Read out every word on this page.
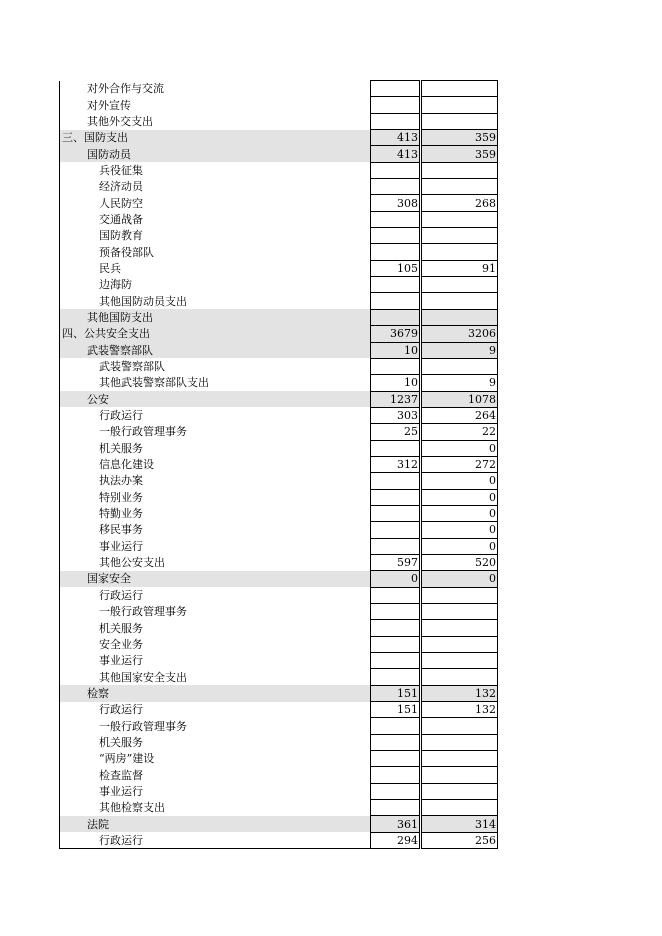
对外合作与交流			
对外宣传			
其他外交支出			
三、国防支出	413		359
国防动员	413		359
兵役征集			
经济动员			
人民防空	308		268
交通战备			
国防教育			
预备役部队			
民兵	105		91
边海防			
其他国防动员支出			
其他国防支出			
四、公共安全支出	3679		3206
武装警察部队	10		9
武装警察部队			
其他武装警察部队支出	10		9
公安	1237		1078
行政运行	303		264
一般行政管理事务	25		22
机关服务			0
信息化建设	312		272
执法办案			0
特别业务			0
特勤业务			0
移民事务			0
事业运行			0
其他公安支出	597		520
国家安全	0		0
行政运行			
一般行政管理事务			
机关服务			
安全业务			
事业运行			
其他国家安全支出			
检察	151		132
行政运行	151		132
一般行政管理事务			
机关服务			
“两房”建设			
检查监督			
事业运行			
其他检察支出			
法院	361		314
行政运行	294		256
